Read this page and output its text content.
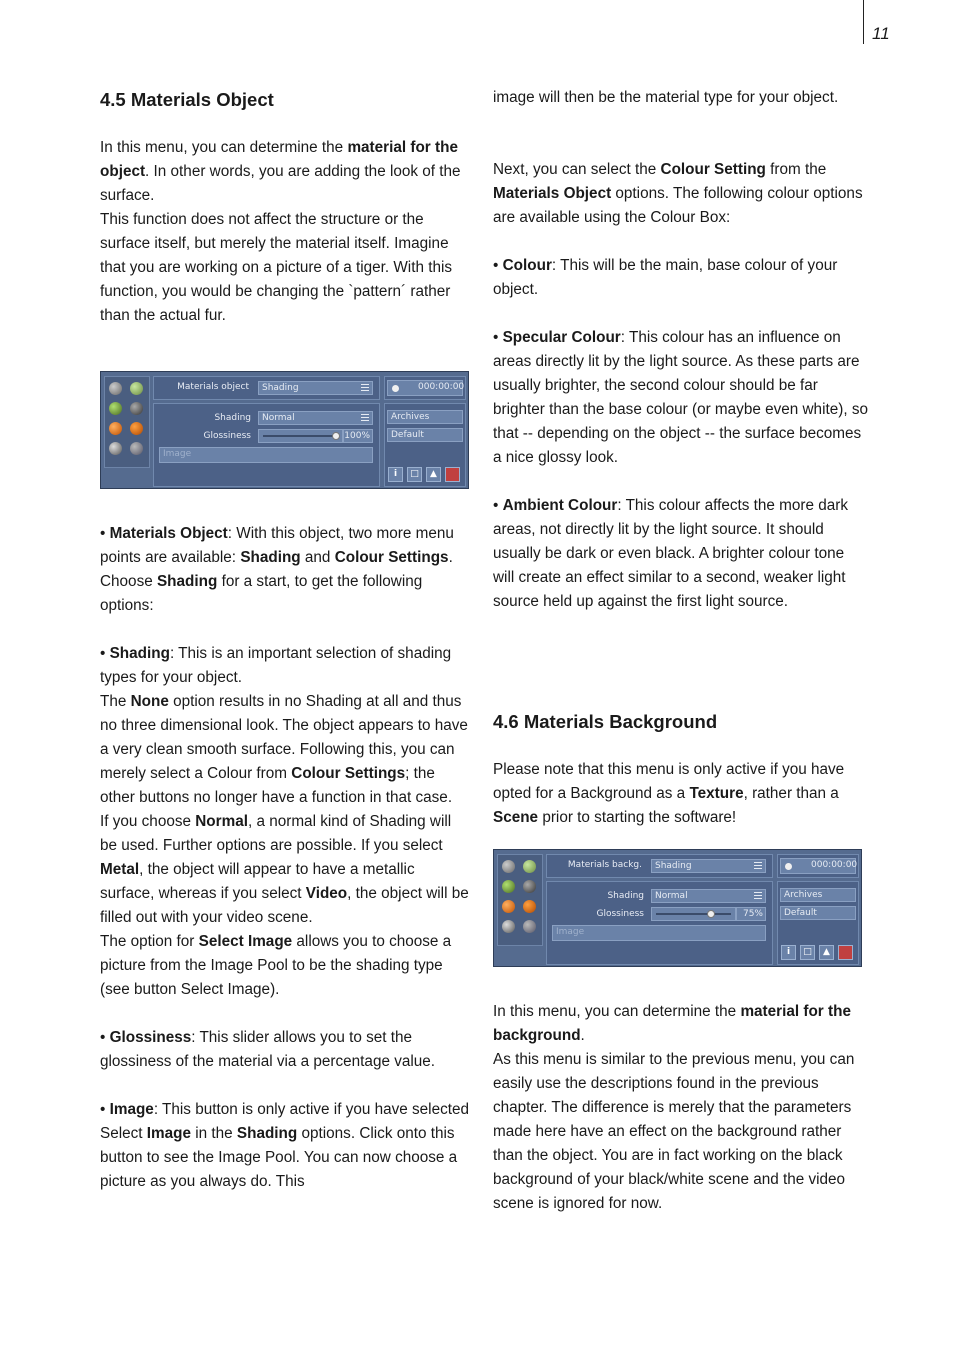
11
4.5 Materials Object

In this menu, you can determine the material for the object. In other words, you are adding the look of the surface.

This function does not affect the structure or the surface itself, but merely the material itself. Imagine that you are working on a picture of a tiger. With this function, you would be changing the `pattern´ rather than the actual fur.

Materials object	Shading	000:00:00
Shading	Normal
Glossiness	100%
Image
Archives
Default
i	□	▲

• Materials Object: With this object, two more menu points are available: Shading and Colour Settings. Choose Shading for a start, to get the following options:

• Shading: This is an important selection of shading types for your object.

The None option results in no Shading at all and thus no three dimensional look. The object appears to have a very clean smooth surface. Following this, you can merely select a Colour from Colour Settings; the other buttons no longer have a function in that case.

If you choose Normal, a normal kind of Shading will be used. Further options are possible. If you select Metal, the object will appear to have a metallic surface, whereas if you select Video, the object will be filled out with your video scene.

The option for Select Image allows you to choose a picture from the Image Pool to be the shading type (see button Select Image).

• Glossiness: This slider allows you to set the glossiness of the material via a percentage value.

• Image: This button is only active if you have selected Select Image in the Shading options. Click onto this button to see the Image Pool. You can now choose a picture as you always do. This

image will then be the material type for your object.

Next, you can select the Colour Setting from the Materials Object options. The following colour options are available using the Colour Box:

• Colour: This will be the main, base colour of your object.

• Specular Colour: This colour has an influence on areas directly lit by the light source. As these parts are usually brighter, the second colour should be far brighter than the base colour (or maybe even white), so that -- depending on the object -- the surface becomes a nice glossy look.

• Ambient Colour: This colour affects the more dark areas, not directly lit by the light source. It should usually be dark or even black. A brighter colour tone will create an effect similar to a second, weaker light source held up against the first light source.

4.6 Materials Background

Please note that this menu is only active if you have opted for a Background as a Texture, rather than a Scene prior to starting the software!

Materials backg.	Shading	000:00:00
Shading	Normal
Glossiness	75%
Image
Archives
Default
i	□	▲

In this menu, you can determine the material for the background.

As this menu is similar to the previous menu, you can easily use the descriptions found in the previous chapter. The difference is merely that the parameters made here have an effect on the background rather than the object. You are in fact working on the black background of your black/white scene and the video scene is ignored for now.
